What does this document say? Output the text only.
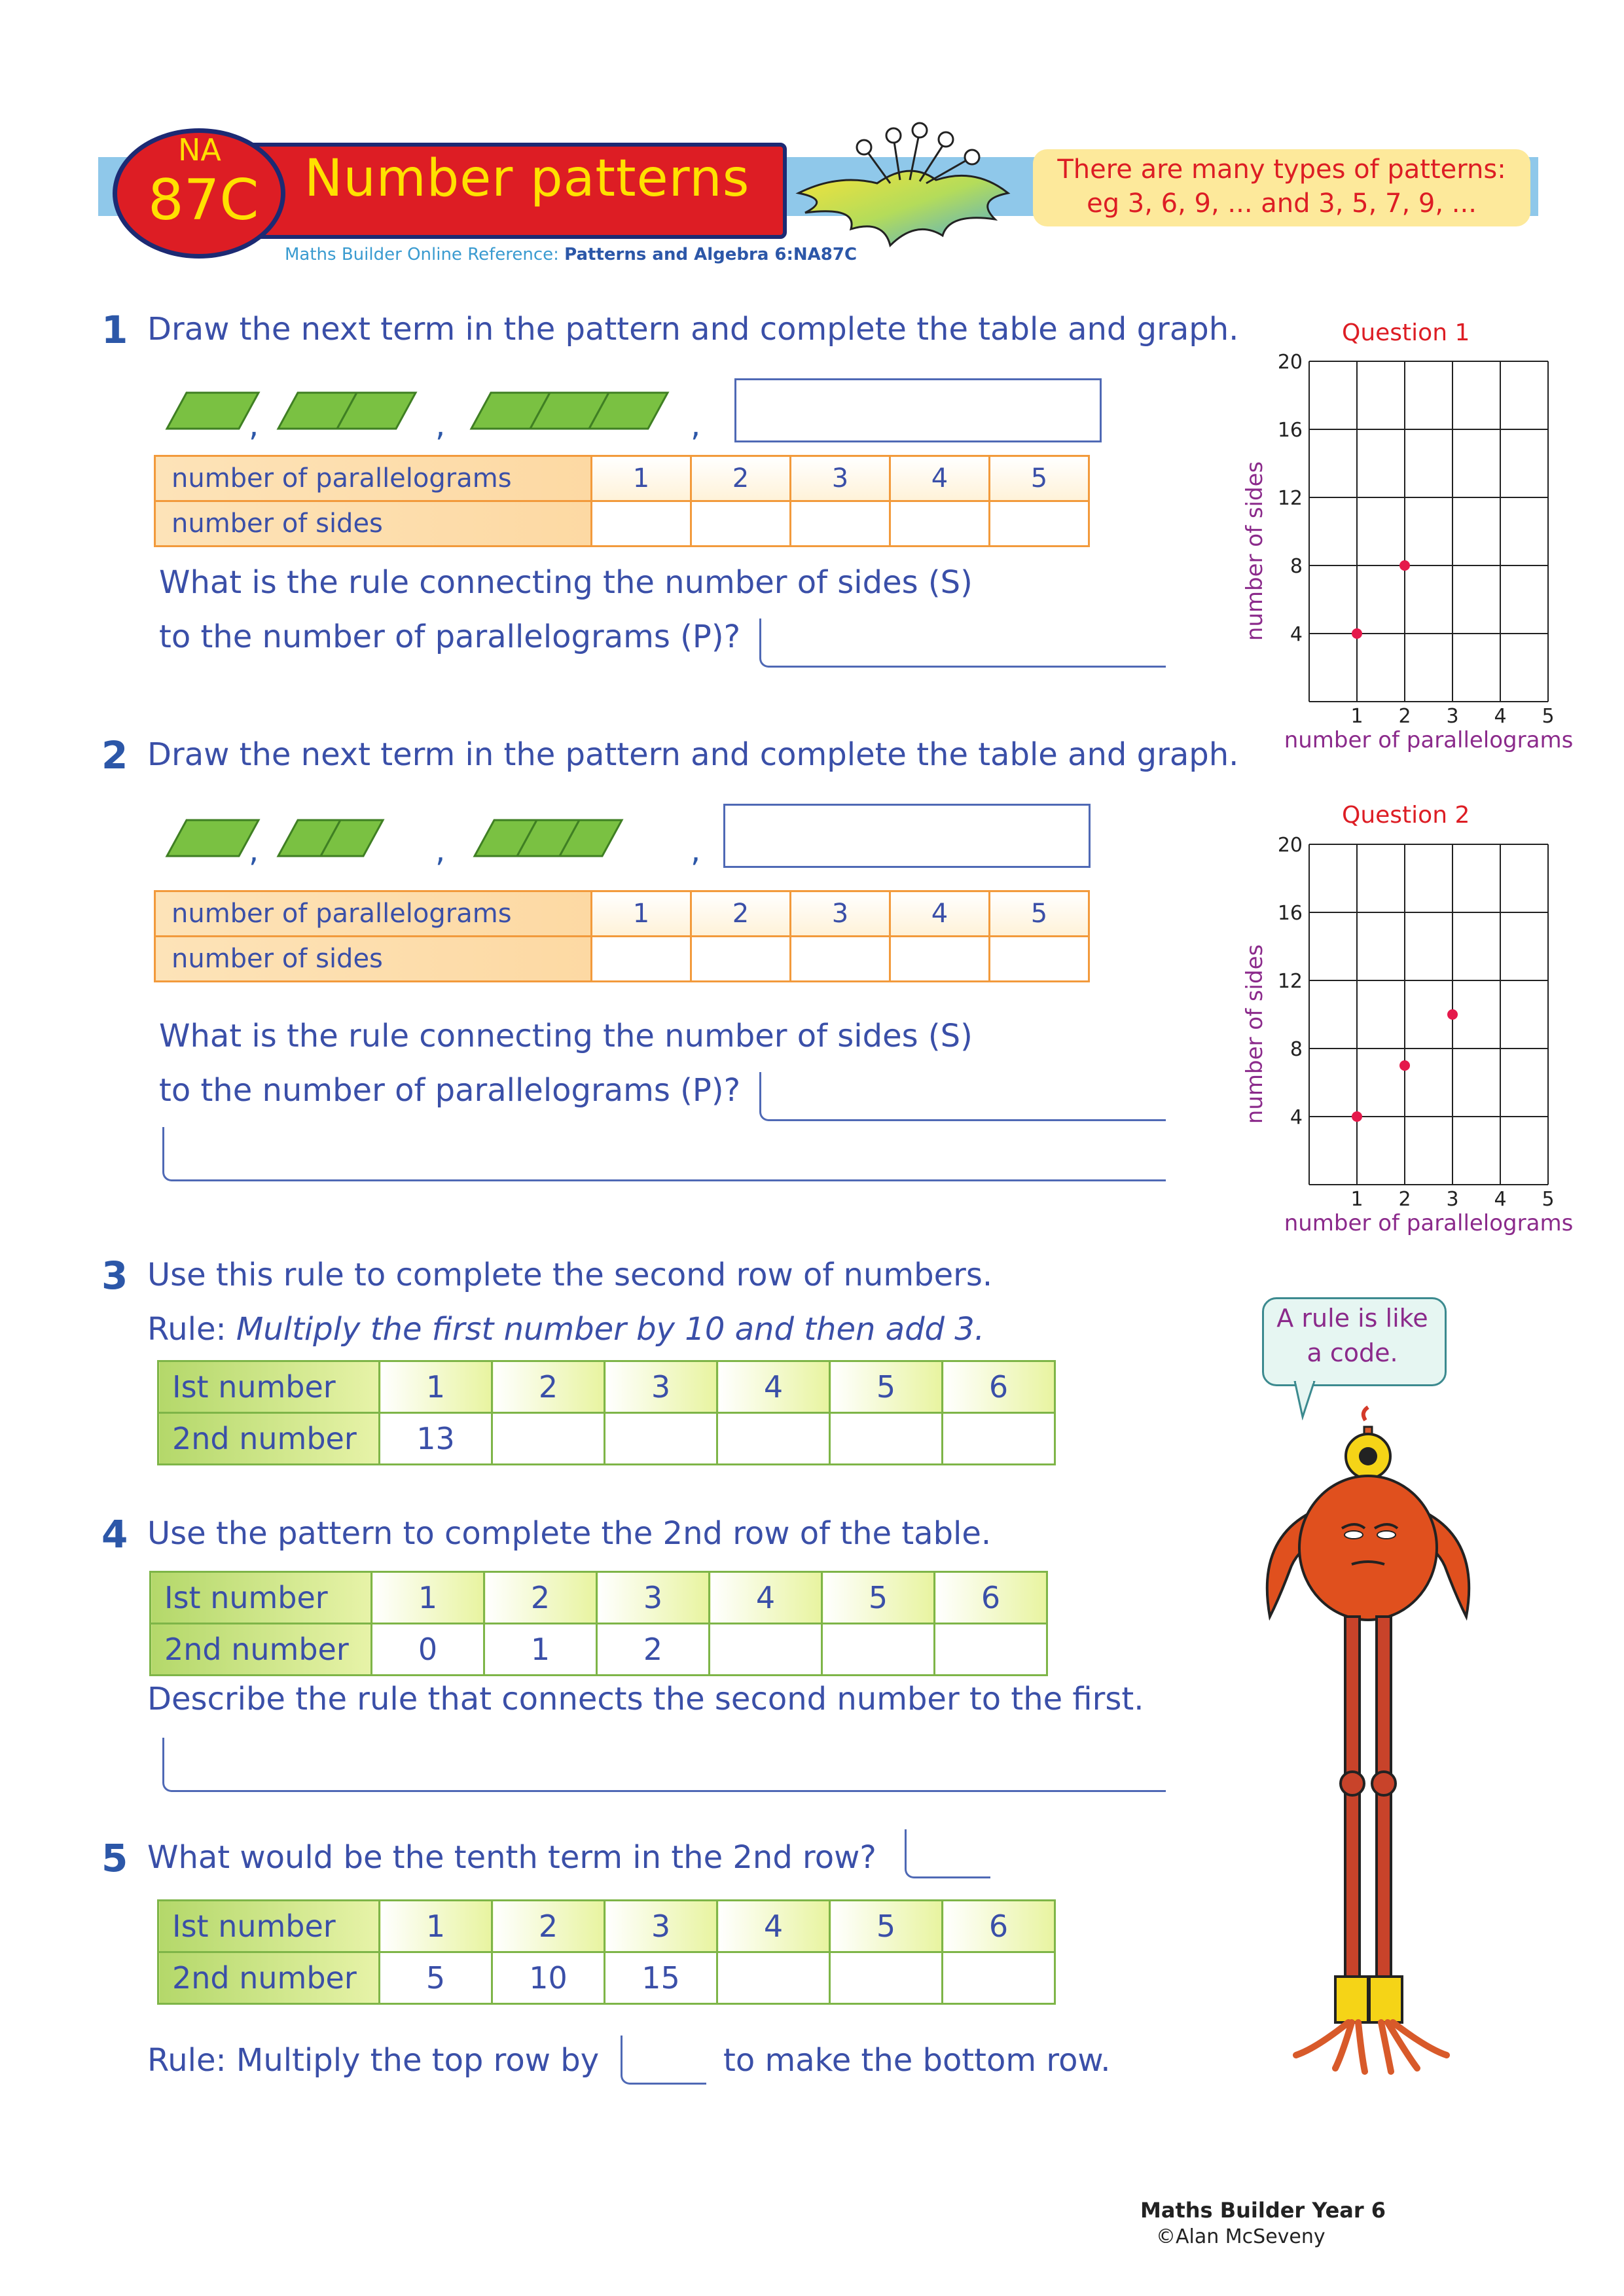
NA
87C Number patterns	There are many types of patterns:
eg 3, 6, 9, ... and 3, 5, 7, 9, ...
Maths Builder Online Reference: Patterns and Algebra 6:NA87C
1 Draw the next term in the pattern and complete the table and graph.
,	,	,
number of parallelograms	1	2	3	4	5
number of sides					
What is the rule connecting the number of sides (S)
to the number of parallelograms (P)?
Question 1
4
8
12
16
20
1 2 3 4 5
number of parallelograms
number of sides
2 Draw the next term in the pattern and complete the table and graph.
,	,	,
number of parallelograms	1	2	3	4	5
number of sides					
What is the rule connecting the number of sides (S)
to the number of parallelograms (P)?
Question 2
4
8
12
16
20
1 2 3 4 5
number of parallelograms
number of sides
3 Use this rule to complete the second row of numbers.
Rule: Multiply the first number by 10 and then add 3.
Ist number	1	2	3	4	5	6
2nd number	13					
4 Use the pattern to complete the 2nd row of the table.
Ist number	1	2	3	4	5	6
2nd number	0	1	2			
Describe the rule that connects the second number to the first.
5 What would be the tenth term in the 2nd row?
Ist number	1	2	3	4	5	6
2nd number	5	10	15			
Rule: Multiply the top row by	to make the bottom row.
A rule is like
a code.
Maths Builder Year 6
©Alan McSeveny
